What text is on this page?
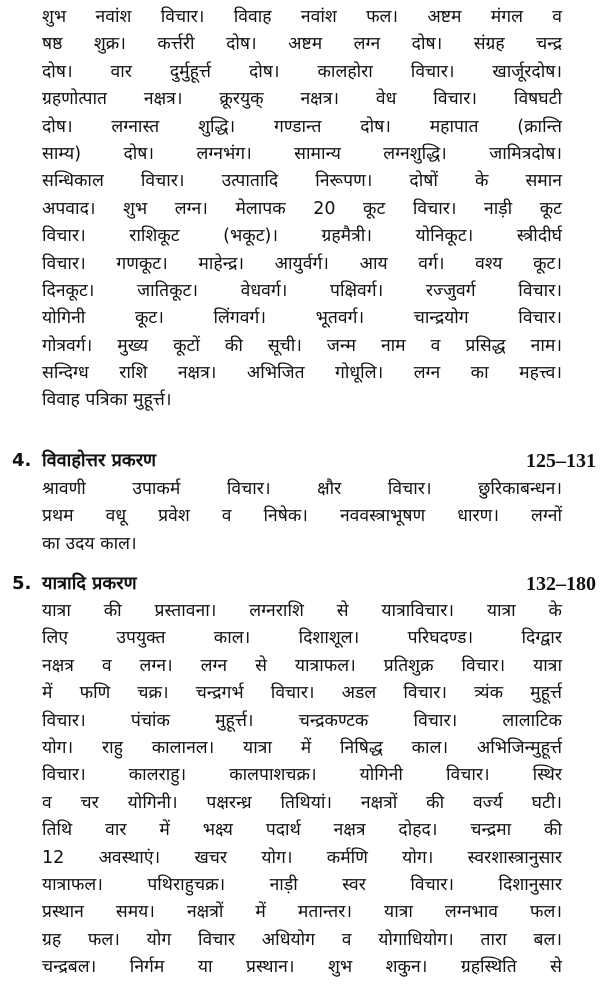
शुभ नवांश विचार। विवाह नवांश फल। अष्टम मंगल व
षष्ठ शुक्र। कर्त्तरी दोष। अष्टम लग्न दोष। संग्रह चन्द्र
दोष। वार दुर्मुहूर्त्त दोष। कालहोरा विचार। खार्जूरदोष।
ग्रहणोत्पात नक्षत्र। क्रूरयुक् नक्षत्र। वेध विचार। विषघटी
दोष। लग्नास्त शुद्धि। गण्डान्त दोष। महापात (क्रान्ति
साम्य) दोष। लग्नभंग। सामान्य लग्नशुद्धि। जामित्रदोष।
सन्धिकाल विचार। उत्पातादि निरूपण। दोषों के समान
अपवाद। शुभ लग्न। मेलापक 20 कूट विचार। नाड़ी कूट
विचार। राशिकूट (भकूट)। ग्रहमैत्री। योनिकूट। स्त्रीदीर्घ
विचार। गणकूट। माहेन्द्र। आयुर्वर्ग। आय वर्ग। वश्य कूट।
दिनकूट। जातिकूट। वेधवर्ग। पक्षिवर्ग। रज्जुवर्ग विचार।
योगिनी कूट। लिंगवर्ग। भूतवर्ग। चान्द्रयोग विचार।
गोत्रवर्ग। मुख्य कूटों की सूची। जन्म नाम व प्रसिद्ध नाम।
सन्दिग्ध राशि नक्षत्र। अभिजित गोधूलि। लग्न का महत्त्व।
विवाह पत्रिका मुहूर्त्त।
4. विवाहोत्तर प्रकरण	125–131
श्रावणी उपाकर्म विचार। क्षौर विचार। छुरिकाबन्धन।
प्रथम वधू प्रवेश व निषेक। नववस्त्राभूषण धारण। लग्नों
का उदय काल।
5. यात्रादि प्रकरण	132–180
यात्रा की प्रस्तावना। लग्नराशि से यात्राविचार। यात्रा के
लिए उपयुक्त काल। दिशाशूल। परिघदण्ड। दिग्द्वार
नक्षत्र व लग्न। लग्न से यात्राफल। प्रतिशुक्र विचार। यात्रा
में फणि चक्र। चन्द्रगर्भ विचार। अडल विचार। त्र्यंक मुहूर्त्त
विचार। पंचांक मुहूर्त्त। चन्द्रकण्टक विचार। लालाटिक
योग। राहु कालानल। यात्रा में निषिद्ध काल। अभिजिन्मुहूर्त्त
विचार। कालराहु। कालपाशचक्र। योगिनी विचार। स्थिर
व चर योगिनी। पक्षरन्ध्र तिथियां। नक्षत्रों की वर्ज्य घटी।
तिथि वार में भक्ष्य पदार्थ नक्षत्र दोहद। चन्द्रमा की
12 अवस्थाएं। खचर योग। कर्मणि योग। स्वरशास्त्रानुसार
यात्राफल। पथिराहुचक्र। नाड़ी स्वर विचार। दिशानुसार
प्रस्थान समय। नक्षत्रों में मतान्तर। यात्रा लग्नभाव फल।
ग्रह फल। योग विचार अधियोग व योगाधियोग। तारा बल।
चन्द्रबल। निर्गम या प्रस्थान। शुभ शकुन। ग्रहस्थिति से
